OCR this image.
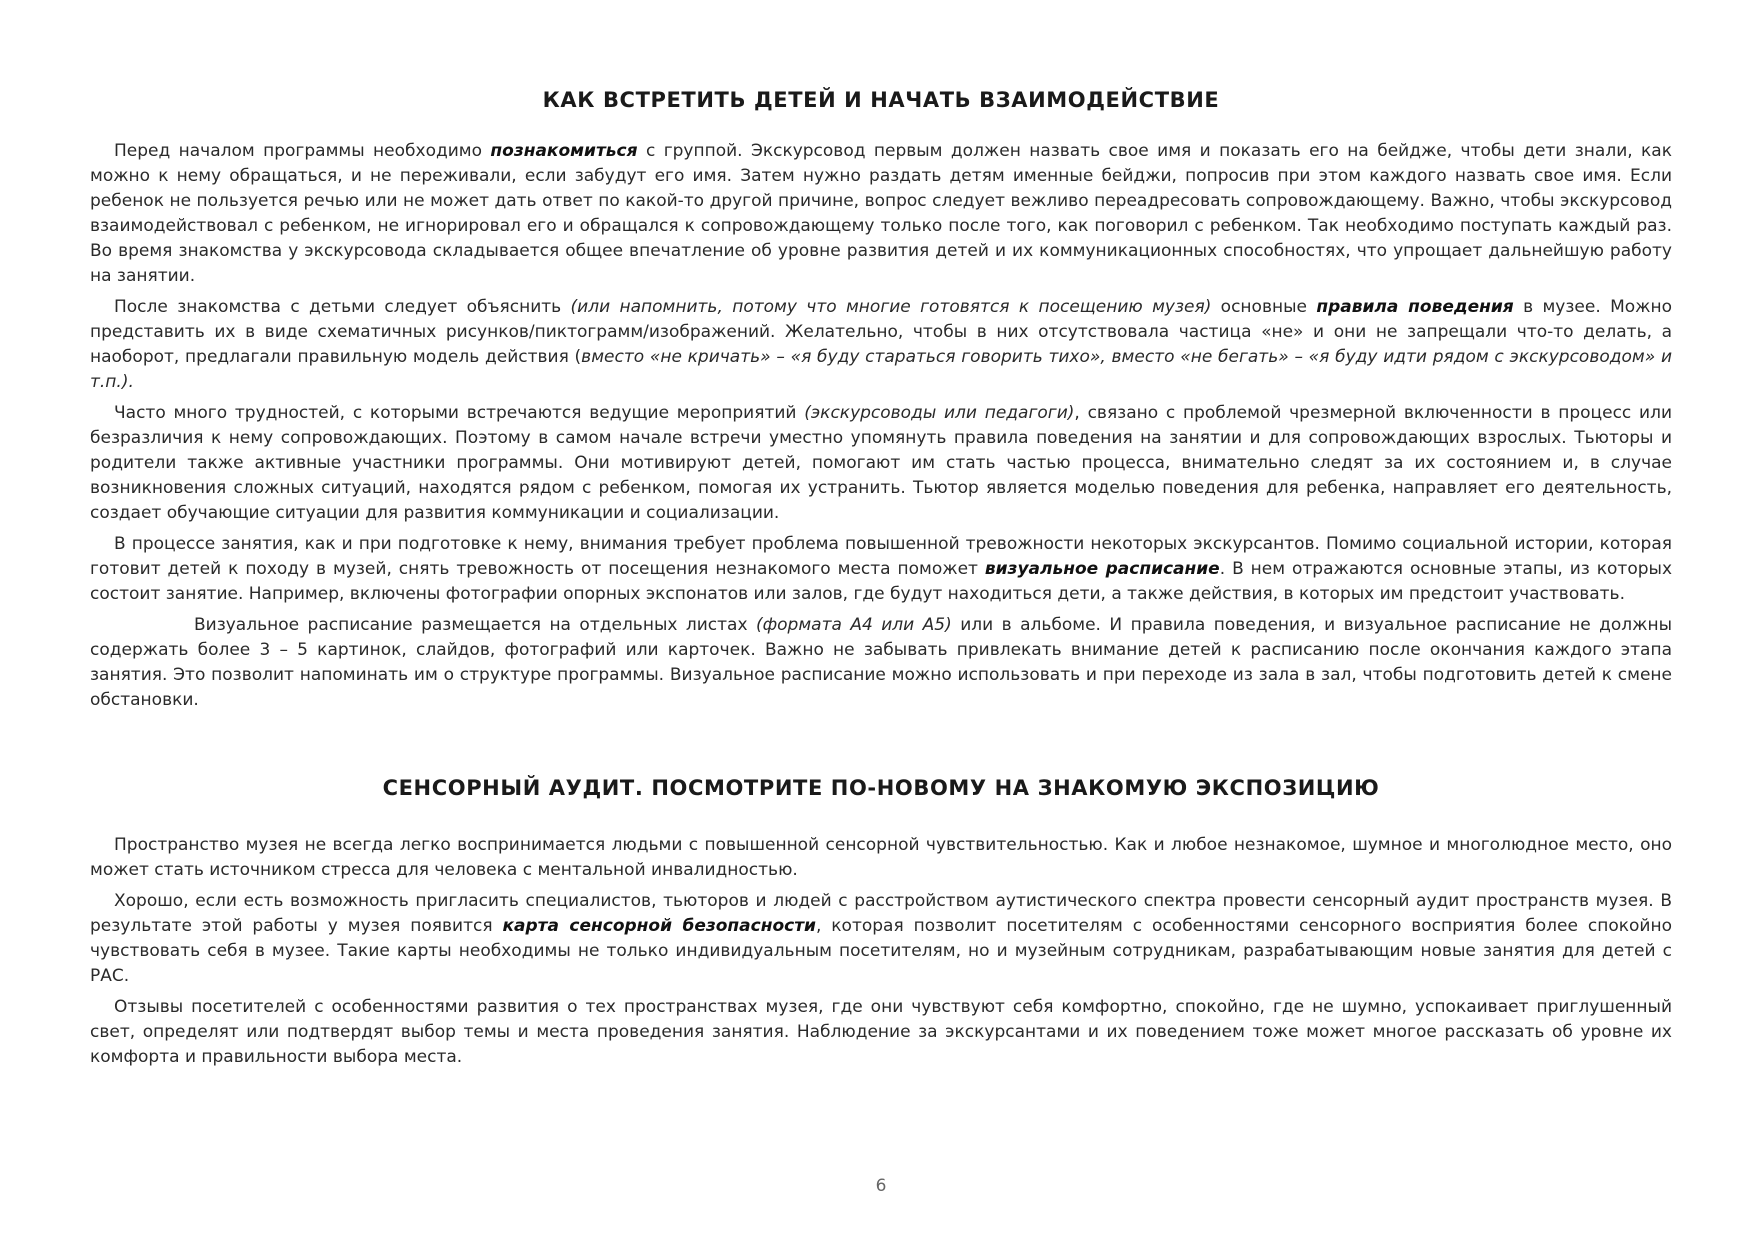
КАК ВСТРЕТИТЬ ДЕТЕЙ И НАЧАТЬ ВЗАИМОДЕЙСТВИЕ

Перед началом программы необходимо познакомиться с группой. Экскурсовод первым должен назвать свое имя и показать его на бейдже, чтобы дети знали, как можно к нему обращаться, и не переживали, если забудут его имя. Затем нужно раздать детям именные бейджи, попросив при этом каждого назвать свое имя. Если ребенок не пользуется речью или не может дать ответ по какой-то другой причине, вопрос следует вежливо переадресовать сопровождающему. Важно, чтобы экскурсовод взаимодействовал с ребенком, не игнорировал его и обращался к сопровождающему только после того, как поговорил с ребенком. Так необходимо поступать каждый раз. Во время знакомства у экскурсовода складывается общее впечатление об уровне развития детей и их коммуникационных способностях, что упрощает дальнейшую работу на занятии.

После знакомства с детьми следует объяснить (или напомнить, потому что многие готовятся к посещению музея) основные правила поведения в музее. Можно представить их в виде схематичных рисунков/пиктограмм/изображений. Желательно, чтобы в них отсутствовала частица «не» и они не запрещали что-то делать, а наоборот, предлагали правильную модель действия (вместо «не кричать» – «я буду стараться говорить тихо», вместо «не бегать» – «я буду идти рядом с экскурсоводом» и т.п.).

Часто много трудностей, с которыми встречаются ведущие мероприятий (экскурсоводы или педагоги), связано с проблемой чрезмерной включенности в процесс или безразличия к нему сопровождающих. Поэтому в самом начале встречи уместно упомянуть правила поведения на занятии и для сопровождающих взрослых. Тьюторы и родители также активные участники программы. Они мотивируют детей, помогают им стать частью процесса, внимательно следят за их состоянием и, в случае возникновения сложных ситуаций, находятся рядом с ребенком, помогая их устранить. Тьютор является моделью поведения для ребенка, направляет его деятельность, создает обучающие ситуации для развития коммуникации и социализации.

В процессе занятия, как и при подготовке к нему, внимания требует проблема повышенной тревожности некоторых экскурсантов. Помимо социальной истории, которая готовит детей к походу в музей, снять тревожность от посещения незнакомого места поможет визуальное расписание. В нем отражаются основные этапы, из которых состоит занятие. Например, включены фотографии опорных экспонатов или залов, где будут находиться дети, а также действия, в которых им предстоит участвовать.

Визуальное расписание размещается на отдельных листах (формата А4 или А5) или в альбоме. И правила поведения, и визуальное расписание не должны содержать более 3 – 5 картинок, слайдов, фотографий или карточек. Важно не забывать привлекать внимание детей к расписанию после окончания каждого этапа занятия. Это позволит напоминать им о структуре программы. Визуальное расписание можно использовать и при переходе из зала в зал, чтобы подготовить детей к смене обстановки.

СЕНСОРНЫЙ АУДИТ. ПОСМОТРИТЕ ПО-НОВОМУ НА ЗНАКОМУЮ ЭКСПОЗИЦИЮ

Пространство музея не всегда легко воспринимается людьми с повышенной сенсорной чувствительностью. Как и любое незнакомое, шумное и многолюдное место, оно может стать источником стресса для человека с ментальной инвалидностью.

Хорошо, если есть возможность пригласить специалистов, тьюторов и людей с расстройством аутистического спектра провести сенсорный аудит пространств музея. В результате этой работы у музея появится карта сенсорной безопасности, которая позволит посетителям с особенностями сенсорного восприятия более спокойно чувствовать себя в музее. Такие карты необходимы не только индивидуальным посетителям, но и музейным сотрудникам, разрабатывающим новые занятия для детей с РАС.

Отзывы посетителей с особенностями развития о тех пространствах музея, где они чувствуют себя комфортно, спокойно, где не шумно, успокаивает приглушенный свет, определят или подтвердят выбор темы и места проведения занятия. Наблюдение за экскурсантами и их поведением тоже может многое рассказать об уровне их комфорта и правильности выбора места.

6
